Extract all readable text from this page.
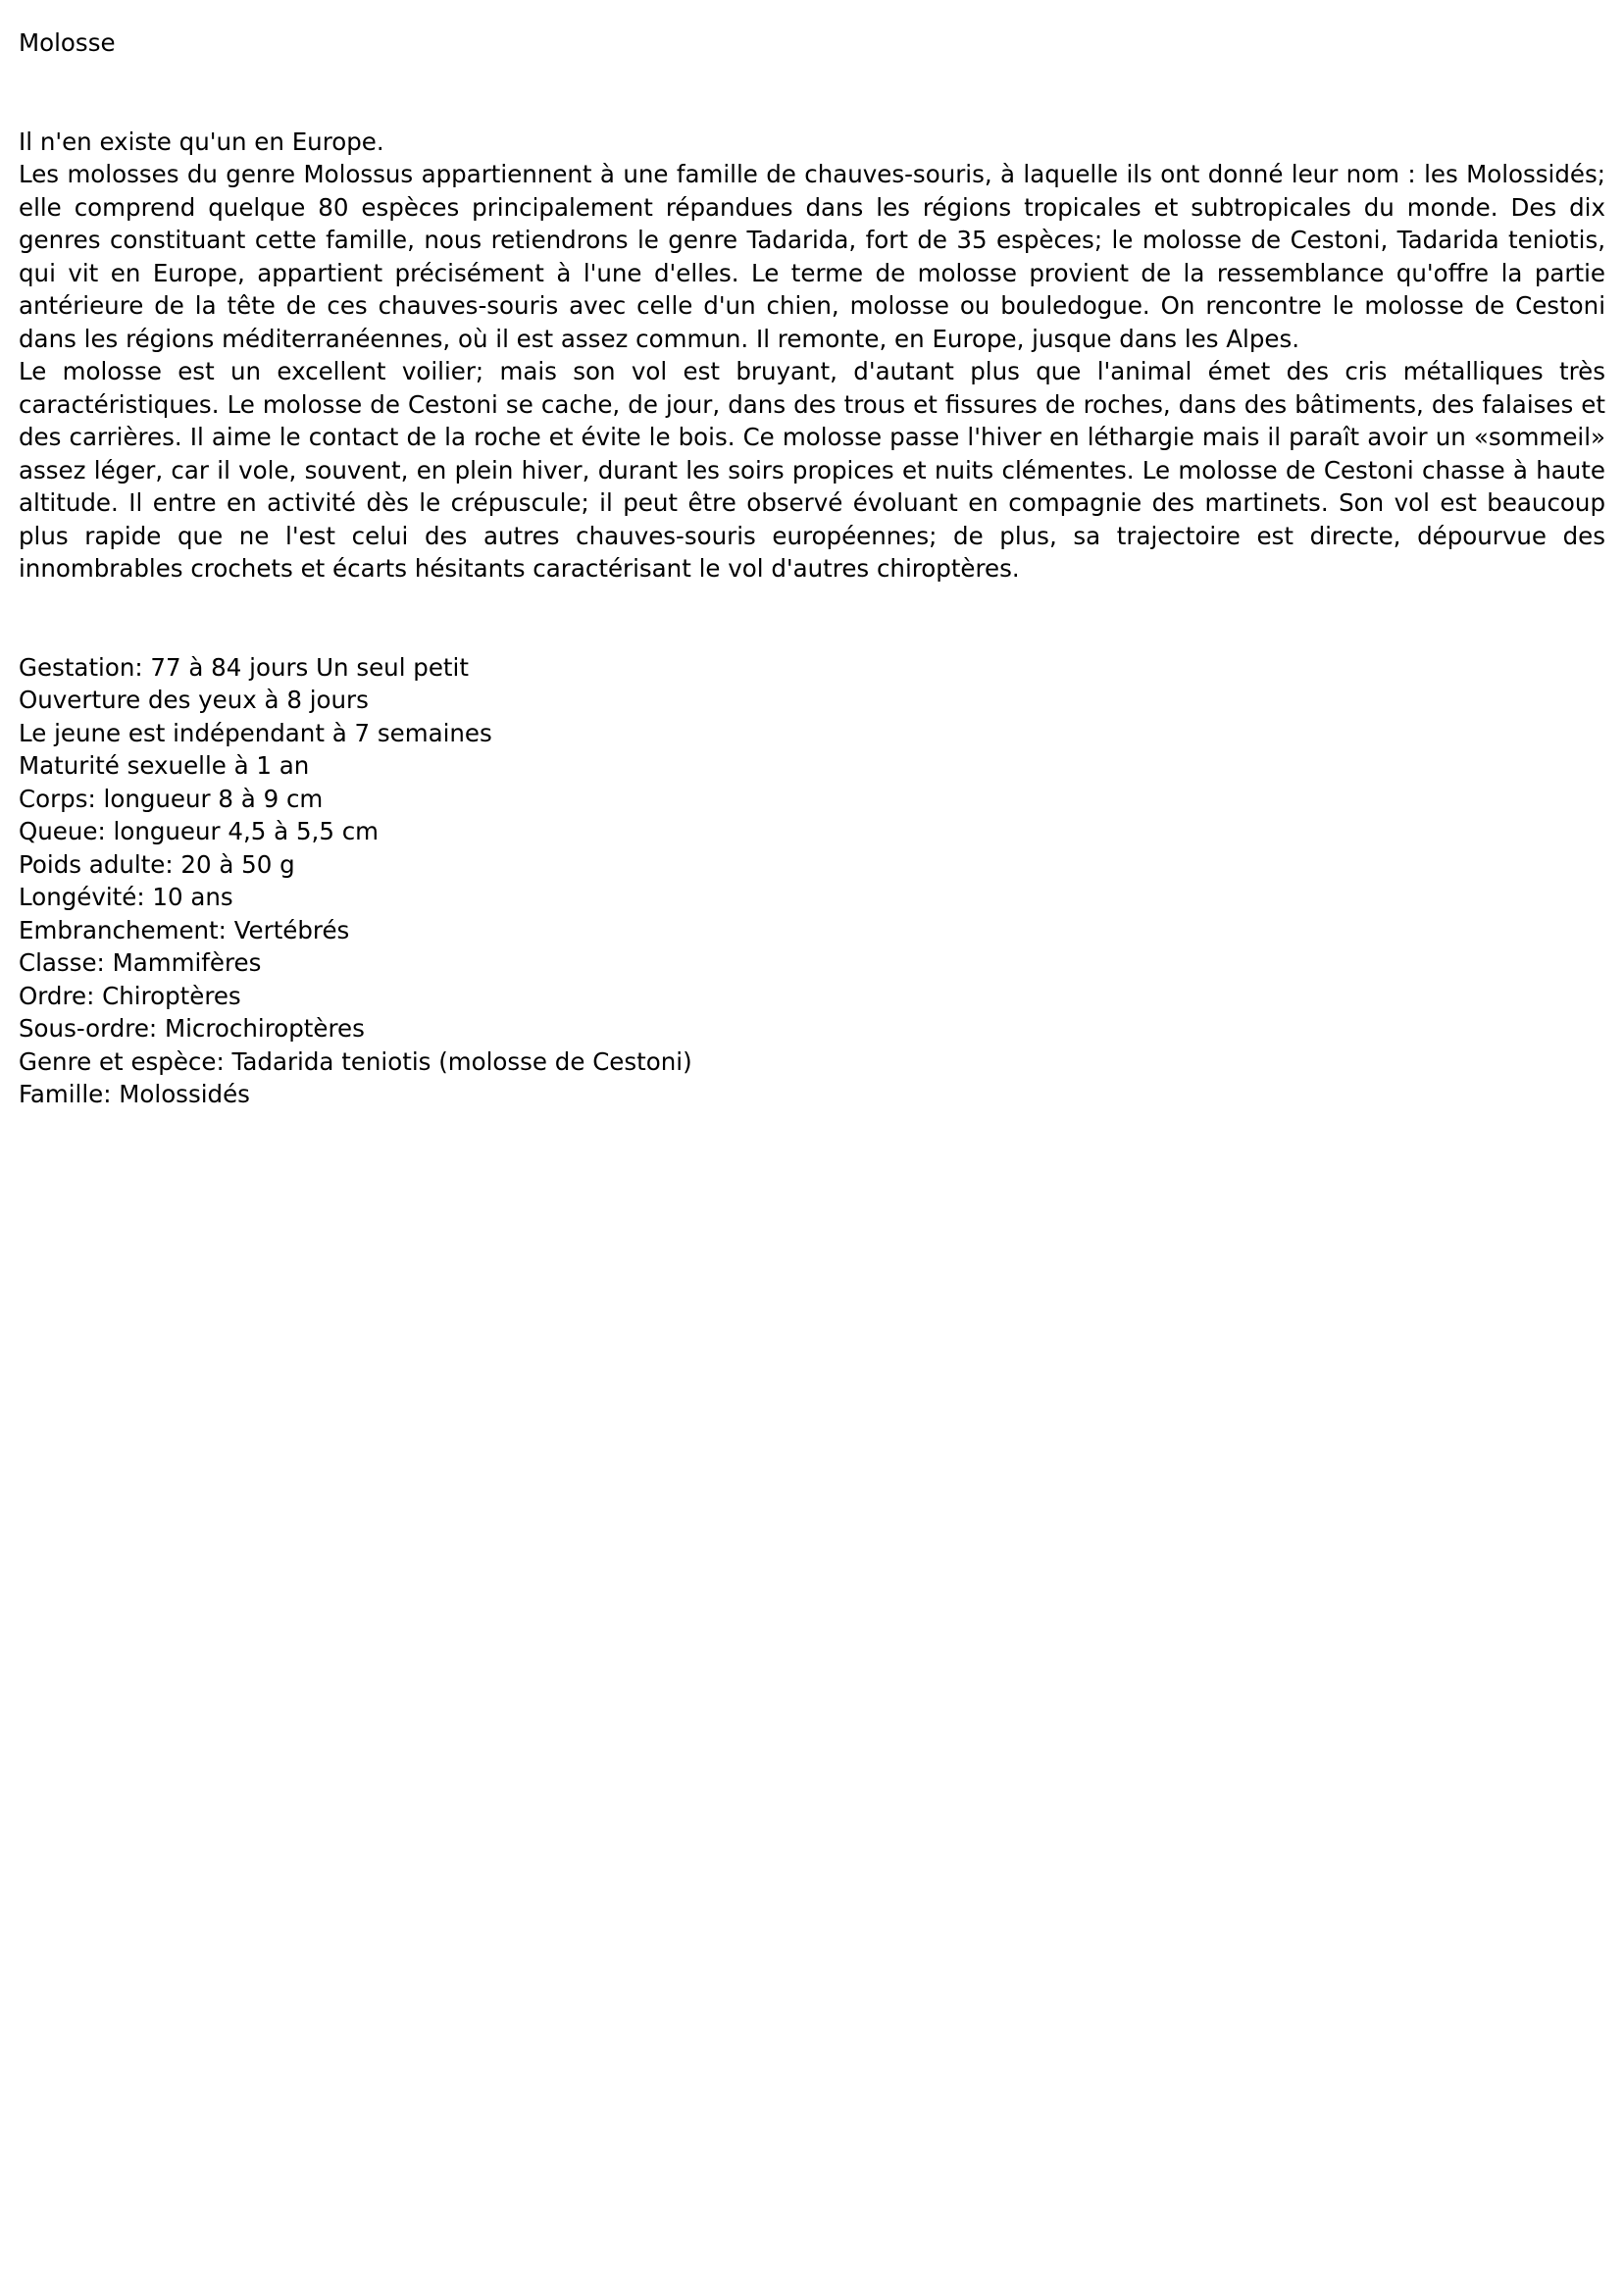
Molosse
Il n'en existe qu'un en Europe.

Les molosses du genre Molossus appartiennent à une famille de chauves-souris, à laquelle ils ont donné leur nom : les Molossidés; elle comprend quelque 80 espèces principalement répandues dans les régions tropicales et subtropicales du monde. Des dix genres constituant cette famille, nous retiendrons le genre Tadarida, fort de 35 espèces; le molosse de Cestoni, Tadarida teniotis, qui vit en Europe, appartient précisément à l'une d'elles. Le terme de molosse provient de la ressemblance qu'offre la partie antérieure de la tête de ces chauves-souris avec celle d'un chien, molosse ou bouledogue. On rencontre le molosse de Cestoni dans les régions méditerranéennes, où il est assez commun. Il remonte, en Europe, jusque dans les Alpes.

Le molosse est un excellent voilier; mais son vol est bruyant, d'autant plus que l'animal émet des cris métalliques très caractéristiques. Le molosse de Cestoni se cache, de jour, dans des trous et fissures de roches, dans des bâtiments, des falaises et des carrières. Il aime le contact de la roche et évite le bois. Ce molosse passe l'hiver en léthargie mais il paraît avoir un «sommeil» assez léger, car il vole, souvent, en plein hiver, durant les soirs propices et nuits clémentes. Le molosse de Cestoni chasse à haute altitude. Il entre en activité dès le crépuscule; il peut être observé évoluant en compagnie des martinets. Son vol est beaucoup plus rapide que ne l'est celui des autres chauves-souris européennes; de plus, sa trajectoire est directe, dépourvue des innombrables crochets et écarts hésitants caractérisant le vol d'autres chiroptères.

Gestation: 77 à 84 jours Un seul petit
Ouverture des yeux à 8 jours
Le jeune est indépendant à 7 semaines
Maturité sexuelle à 1 an
Corps: longueur 8 à 9 cm
Queue: longueur 4,5 à 5,5 cm
Poids adulte: 20 à 50 g
Longévité: 10 ans
Embranchement: Vertébrés
Classe: Mammifères
Ordre: Chiroptères
Sous-ordre: Microchiroptères
Genre et espèce: Tadarida teniotis (molosse de Cestoni)
Famille: Molossidés
